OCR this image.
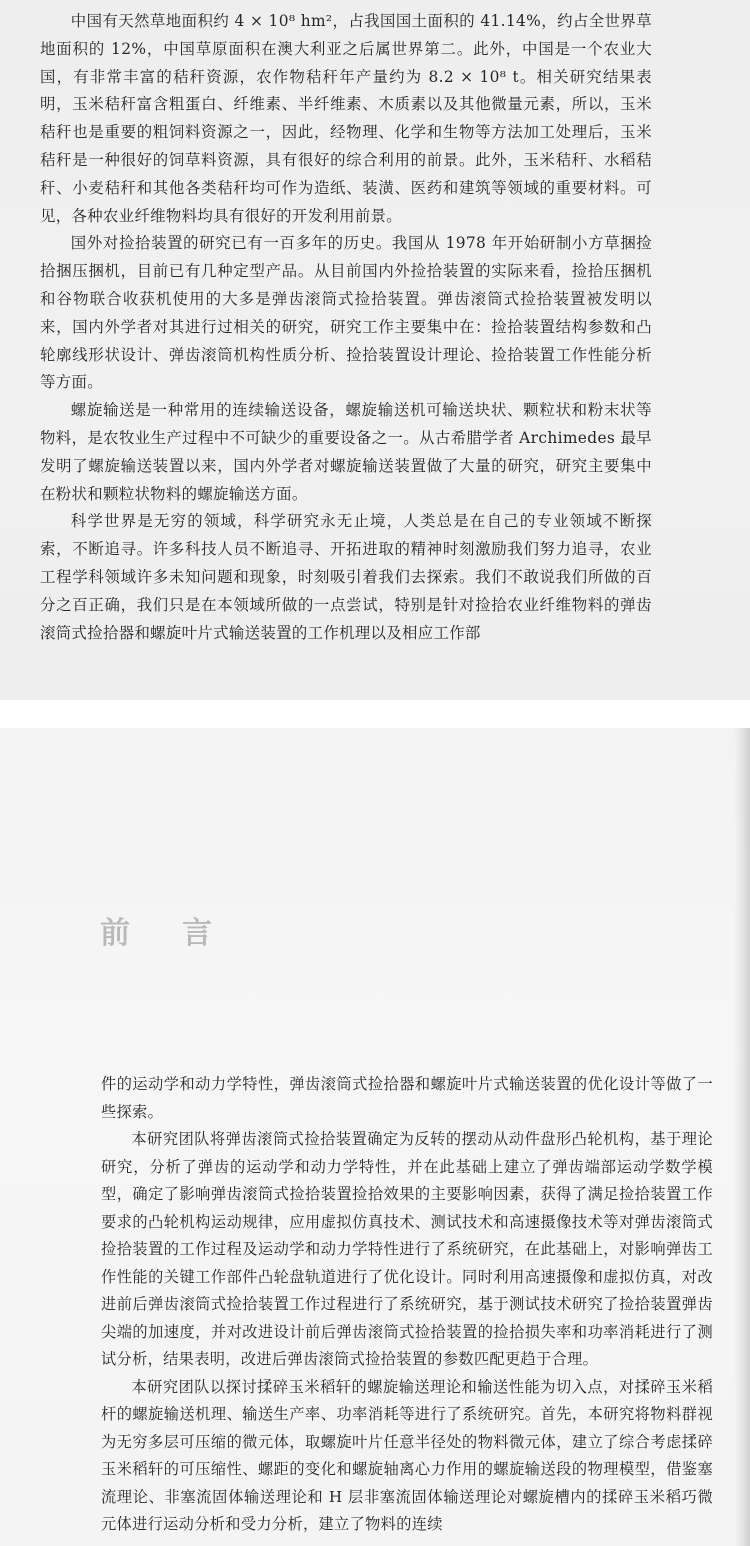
中国有天然草地面积约 4 × 10⁸ hm²，占我国国土面积的 41.14%，约占全世界草地面积的 12%，中国草原面积在澳大利亚之后属世界第二。此外，中国是一个农业大国，有非常丰富的秸秆资源，农作物秸秆年产量约为 8.2 × 10⁸ t。相关研究结果表明，玉米秸秆富含粗蛋白、纤维素、半纤维素、木质素以及其他微量元素，所以，玉米秸秆也是重要的粗饲料资源之一，因此，经物理、化学和生物等方法加工处理后，玉米秸秆是一种很好的饲草料资源，具有很好的综合利用的前景。此外，玉米秸秆、水稻秸秆、小麦秸秆和其他各类秸秆均可作为造纸、装潢、医药和建筑等领域的重要材料。可见，各种农业纤维物料均具有很好的开发利用前景。

国外对捡拾装置的研究已有一百多年的历史。我国从 1978 年开始研制小方草捆捡拾捆压捆机，目前已有几种定型产品。从目前国内外捡拾装置的实际来看，捡拾压捆机和谷物联合收获机使用的大多是弹齿滚筒式捡拾装置。弹齿滚筒式捡拾装置被发明以来，国内外学者对其进行过相关的研究，研究工作主要集中在：捡拾装置结构参数和凸轮廓线形状设计、弹齿滚筒机构性质分析、捡拾装置设计理论、捡拾装置工作性能分析等方面。

螺旋输送是一种常用的连续输送设备，螺旋输送机可输送块状、颗粒状和粉末状等物料，是农牧业生产过程中不可缺少的重要设备之一。从古希腊学者 Archimedes 最早发明了螺旋输送装置以来，国内外学者对螺旋输送装置做了大量的研究，研究主要集中在粉状和颗粒状物料的螺旋输送方面。

科学世界是无穷的领域，科学研究永无止境，人类总是在自己的专业领域不断探索，不断追寻。许多科技人员不断追寻、开拓进取的精神时刻激励我们努力追寻，农业工程学科领域许多未知问题和现象，时刻吸引着我们去探索。我们不敢说我们所做的百分之百正确，我们只是在本领域所做的一点尝试，特别是针对捡拾农业纤维物料的弹齿滚筒式捡拾器和螺旋叶片式输送装置的工作机理以及相应工作部

前言

件的运动学和动力学特性，弹齿滚筒式捡拾器和螺旋叶片式输送装置的优化设计等做了一些探索。

本研究团队将弹齿滚筒式捡拾装置确定为反转的摆动从动件盘形凸轮机构，基于理论研究，分析了弹齿的运动学和动力学特性，并在此基础上建立了弹齿端部运动学数学模型，确定了影响弹齿滚筒式捡拾装置捡拾效果的主要影响因素，获得了满足捡拾装置工作要求的凸轮机构运动规律，应用虚拟仿真技术、测试技术和高速摄像技术等对弹齿滚筒式捡拾装置的工作过程及运动学和动力学特性进行了系统研究，在此基础上，对影响弹齿工作性能的关键工作部件凸轮盘轨道进行了优化设计。同时利用高速摄像和虚拟仿真，对改进前后弹齿滚筒式捡拾装置工作过程进行了系统研究，基于测试技术研究了捡拾装置弹齿尖端的加速度，并对改进设计前后弹齿滚筒式捡拾装置的捡拾损失率和功率消耗进行了测试分析，结果表明，改进后弹齿滚筒式捡拾装置的参数匹配更趋于合理。

本研究团队以探讨揉碎玉米稻轩的螺旋输送理论和输送性能为切入点，对揉碎玉米稻杆的螺旋输送机理、输送生产率、功率消耗等进行了系统研究。首先，本研究将物料群视为无穷多层可压缩的微元体，取螺旋叶片任意半径处的物料微元体，建立了综合考虑揉碎玉米稻轩的可压缩性、螺距的变化和螺旋轴离心力作用的螺旋输送段的物理模型，借鉴塞流理论、非塞流固体输送理论和 H 层非塞流固体输送理论对螺旋槽内的揉碎玉米稻巧微元体进行运动分析和受力分析，建立了物料的连续
